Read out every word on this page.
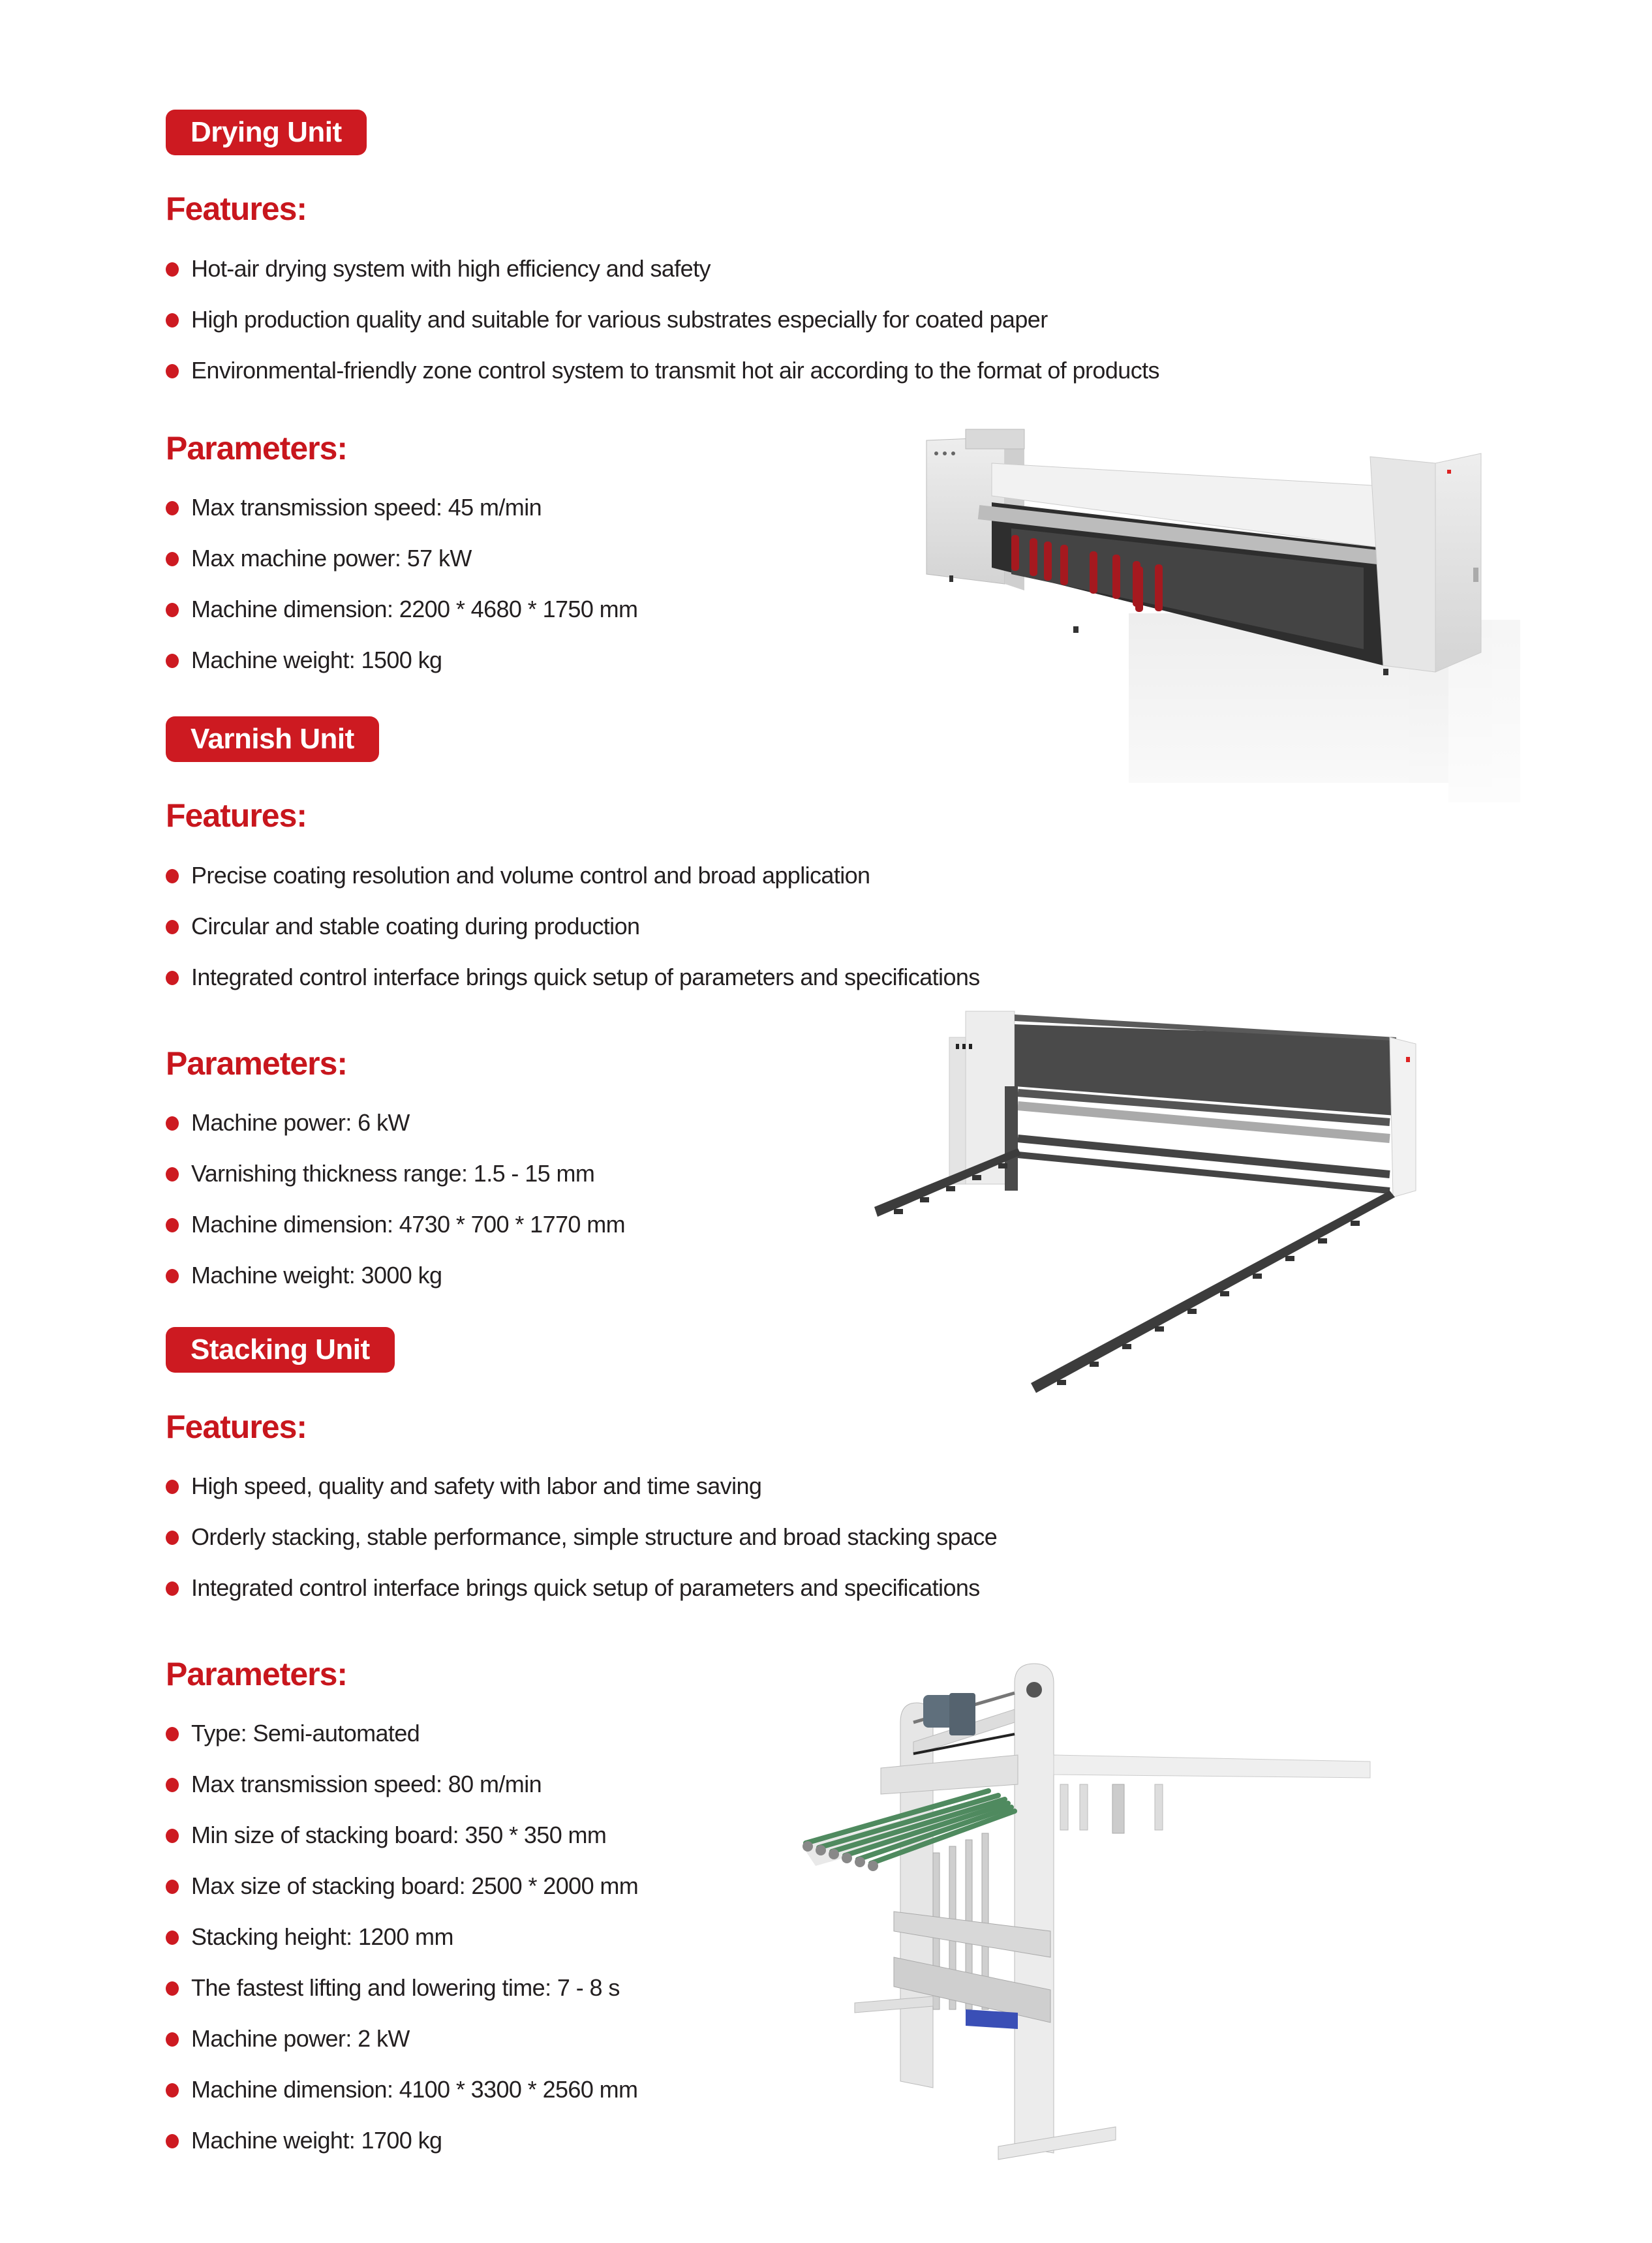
Drying Unit
Features:
Hot-air drying system with high efficiency and safety
High production quality and suitable for various substrates especially for coated paper
Environmental-friendly zone control system to transmit hot air according to the format of products
Parameters:
Max transmission speed: 45 m/min
Max machine power: 57 kW
Machine dimension: 2200 * 4680 * 1750 mm
Machine weight: 1500 kg
Varnish Unit
Features:
Precise coating resolution and volume control and broad application
Circular and stable coating during production
Integrated control interface brings quick setup of parameters and specifications
Parameters:
Machine power: 6 kW
Varnishing thickness range: 1.5 - 15 mm
Machine dimension: 4730 * 700 * 1770 mm
Machine weight: 3000 kg
Stacking Unit
Features:
High speed, quality and safety with labor and time saving
Orderly stacking, stable performance, simple structure and broad stacking space
Integrated control interface brings quick setup of parameters and specifications
Parameters:
Type: Semi-automated
Max transmission speed: 80 m/min
Min size of stacking board: 350 * 350 mm
Max size of stacking board: 2500 * 2000 mm
Stacking height: 1200 mm
The fastest lifting and lowering time: 7 - 8 s
Machine power: 2 kW
Machine dimension: 4100 * 3300 * 2560 mm
Machine weight: 1700 kg
